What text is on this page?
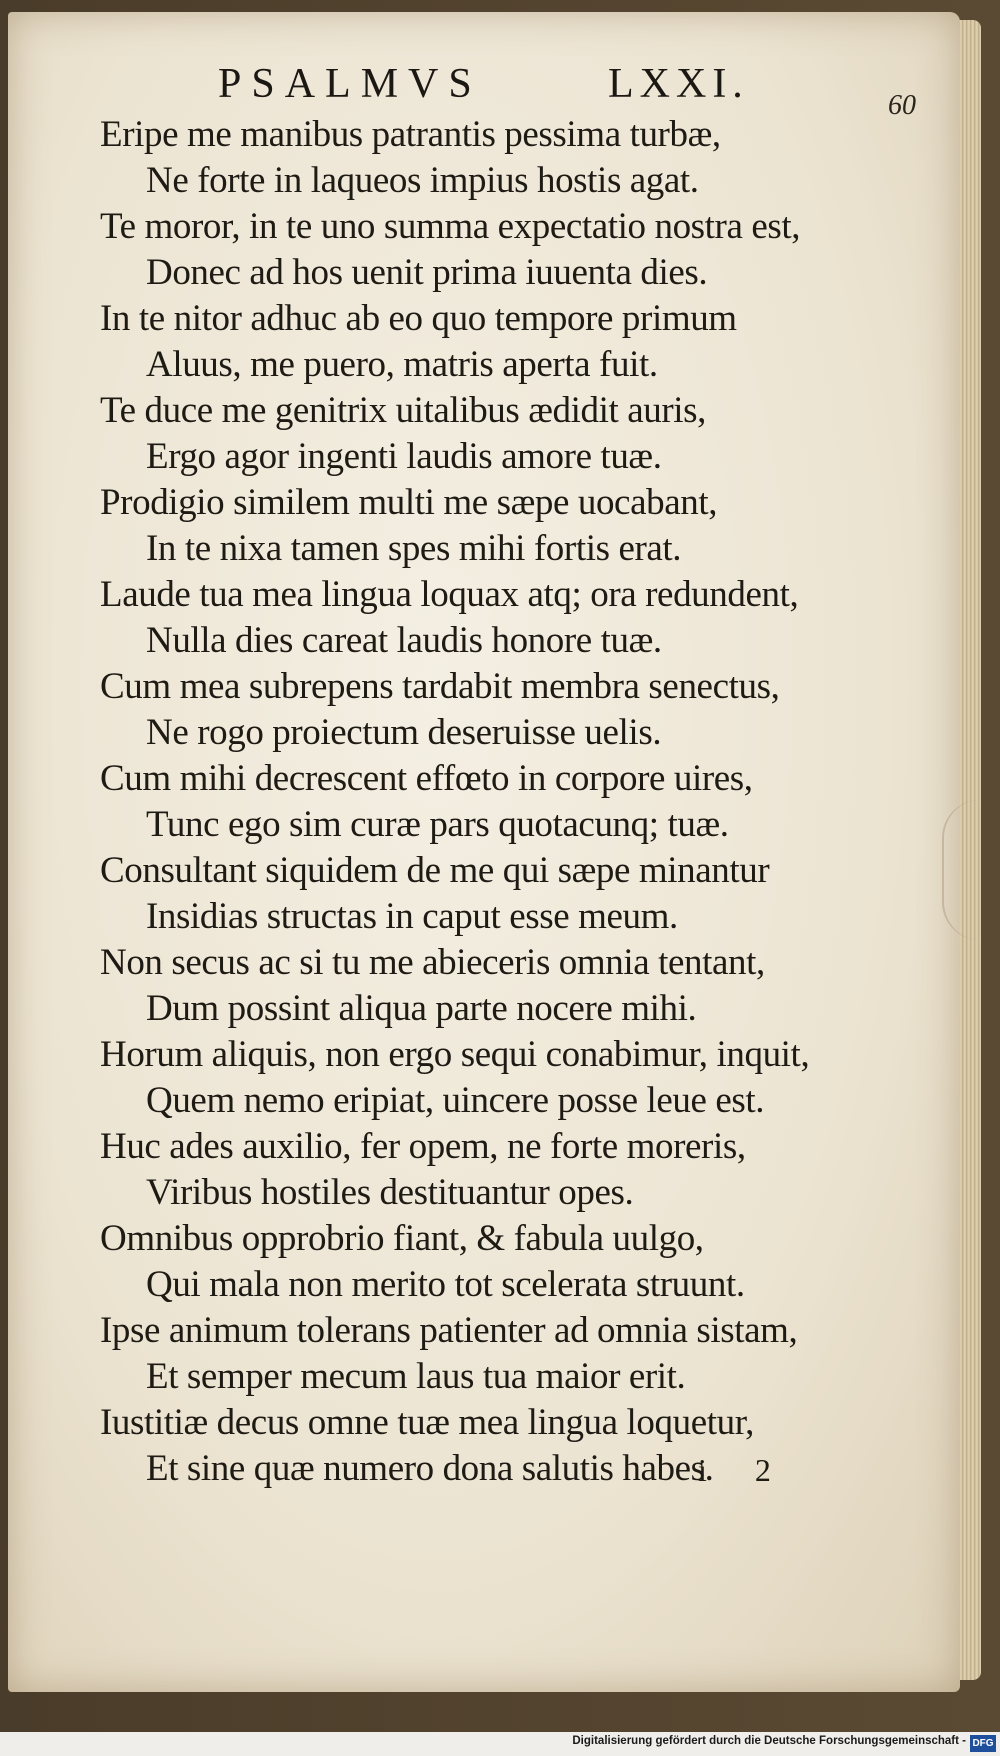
PSALMVS	LXXI.	60
Eripe me manibus patrantis pessima turbæ,
Ne forte in laqueos impius hostis agat.
Te moror, in te uno summa expectatio nostra est,
Donec ad hos uenit prima iuuenta dies.
In te nitor adhuc ab eo quo tempore primum
Aluus, me puero, matris aperta fuit.
Te duce me genitrix uitalibus ædidit auris,
Ergo agor ingenti laudis amore tuæ.
Prodigio similem multi me sæpe uocabant,
In te nixa tamen spes mihi fortis erat.
Laude tua mea lingua loquax atq; ora redundent,
Nulla dies careat laudis honore tuæ.
Cum mea subrepens tardabit membra senectus,
Ne rogo proiectum deseruisse uelis.
Cum mihi decrescent effœto in corpore uires,
Tunc ego sim curæ pars quotacunq; tuæ.
Consultant siquidem de me qui sæpe minantur
Insidias structas in caput esse meum.
Non secus ac si tu me abieceris omnia tentant,
Dum possint aliqua parte nocere mihi.
Horum aliquis, non ergo sequi conabimur, inquit,
Quem nemo eripiat, uincere posse leue est.
Huc ades auxilio, fer opem, ne forte moreris,
Viribus hostiles destituantur opes.
Omnibus opprobrio fiant, & fabula uulgo,
Qui mala non merito tot scelerata struunt.
Ipse animum tolerans patienter ad omnia sistam,
Et semper mecum laus tua maior erit.
Iustitiæ decus omne tuæ mea lingua loquetur,
Et sine quæ numero dona salutis habes.
i 2
Digitalisierung gefördert durch die Deutsche Forschungsgemeinschaft - DFG
